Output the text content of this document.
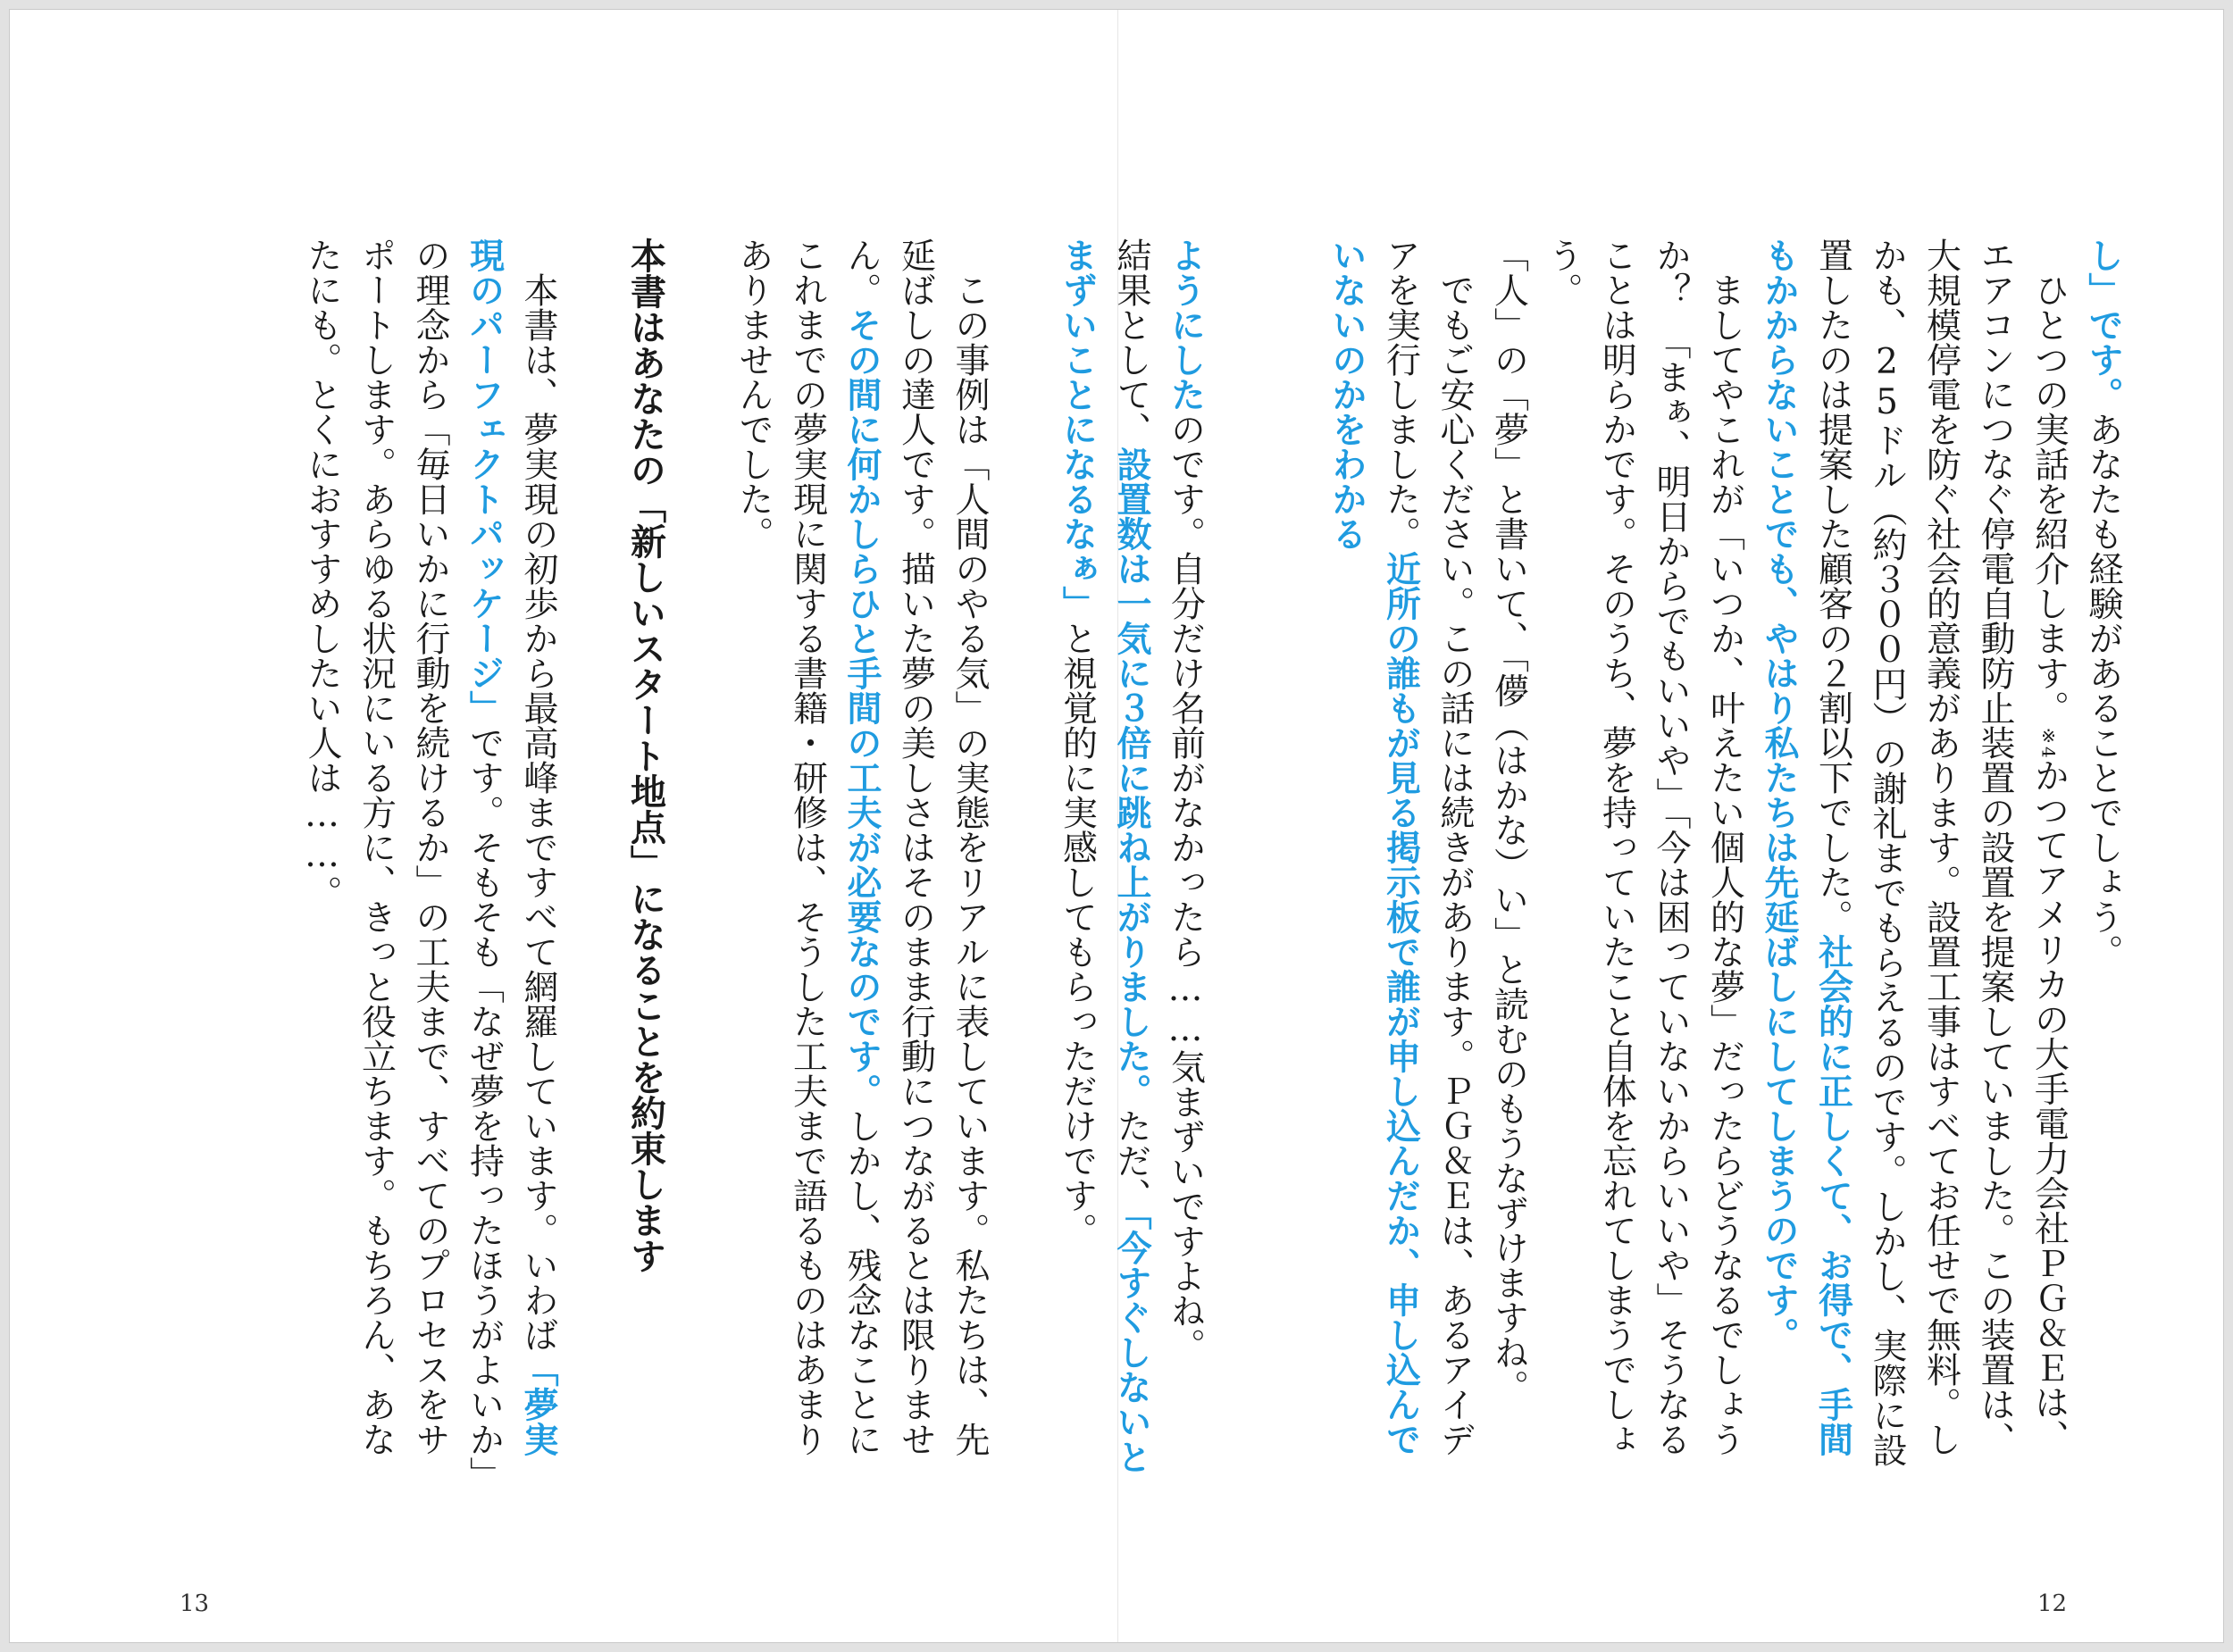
し」です。あなたも経験があることでしょう。

ひとつの実話を紹介します。$^{※4}$かつてアメリカの大手電力会社ＰＧ＆Ｅは、エアコンにつなぐ停電自動防止装置の設置を提案していました。この装置は、大規模停電を防ぐ社会的意義があります。設置工事はすべてお任せで無料。しかも、25ドル（約３００円）の謝礼までもらえるのです。しかし、実際に設置したのは提案した顧客の２割以下でした。社会的に正しくて、お得で、手間もかからないことでも、やはり私たちは先延ばしにしてしまうのです。

ましてやこれが「いつか、叶えたい個人的な夢」だったらどうなるでしょうか？　「まぁ、明日からでもいいや」「今は困っていないからいいや」そうなることは明らかです。そのうち、夢を持っていたこと自体を忘れてしまうでしょう。

「人」の「夢」と書いて、「儚（はかな）い」と読むのもうなずけますね。

でもご安心ください。この話には続きがあります。ＰＧ＆Ｅは、あるアイデアを実行しました。近所の誰もが見る掲示板で誰が申し込んだか、申し込んでいないのかをわかる

ようにしたのです。自分だけ名前がなかったら……気まずいですよね。

結果として、設置数は一気に３倍に跳ね上がりました。ただ、「今すぐしないとまずいことになるなぁ」と視覚的に実感してもらっただけです。

この事例は「人間のやる気」の実態をリアルに表しています。私たちは、先延ばしの達人です。描いた夢の美しさはそのまま行動につながるとは限りません。その間に何かしらひと手間の工夫が必要なのです。しかし、残念なことにこれまでの夢実現に関する書籍・研修は、そうした工夫まで語るものはあまりありませんでした。

本書はあなたの「新しいスタート地点」になることを約束します

本書は、夢実現の初歩から最高峰まですべて網羅しています。いわば「夢実現のパーフェクトパッケージ」です。そもそも「なぜ夢を持ったほうがよいか」の理念から「毎日いかに行動を続けるか」の工夫まで、すべてのプロセスをサポートします。あらゆる状況にいる方に、きっと役立ちます。もちろん、あなたにも。とくにおすすめしたい人は……。

12
13
